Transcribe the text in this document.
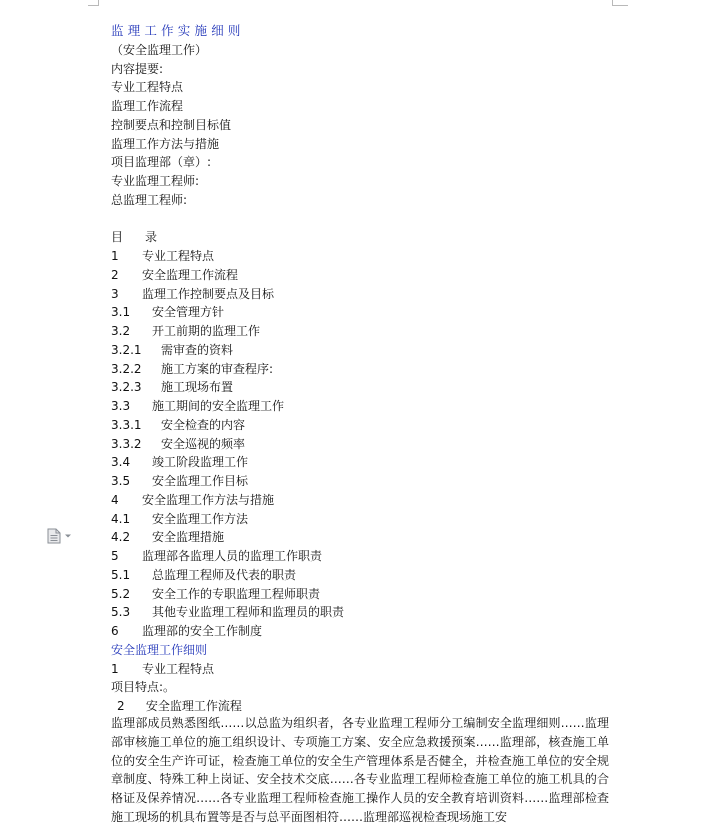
监理工作实施细则
（安全监理工作）
内容提要:
专业工程特点
监理工作流程
控制要点和控制目标值
监理工作方法与措施
项目监理部（章）:
专业监理工程师:
总监理工程师:
目 录
1	专业工程特点
2	安全监理工作流程
3	监理工作控制要点及目标
3.1	安全管理方针
3.2	开工前期的监理工作
3.2.1	需审查的资料
3.2.2	施工方案的审查程序:
3.2.3	施工现场布置
3.3	施工期间的安全监理工作
3.3.1	安全检查的内容
3.3.2	安全巡视的频率
3.4	竣工阶段监理工作
3.5	安全监理工作目标
4	安全监理工作方法与措施
4.1	安全监理工作方法
4.2	安全监理措施
5	监理部各监理人员的监理工作职责
5.1	总监理工程师及代表的职责
5.2	安全工作的专职监理工程师职责
5.3	其他专业监理工程师和监理员的职责
6	监理部的安全工作制度
安全监理工作细则
1	专业工程特点
项目特点:。
2 安全监理工作流程
监理部成员熟悉图纸……以总监为组织者，各专业监理工程师分工编制安全监理细则……监理部审核施工单位的施工组织设计、专项施工方案、安全应急救援预案……监理部，核查施工单位的安全生产许可证，检查施工单位的安全生产管理体系是否健全，并检查施工单位的安全规章制度、特殊工种上岗证、安全技术交底……各专业监理工程师检查施工单位的施工机具的合格证及保养情况……各专业监理工程师检查施工操作人员的安全教育培训资料……监理部检查施工现场的机具布置等是否与总平面图相符……监理部巡视检查现场施工安
